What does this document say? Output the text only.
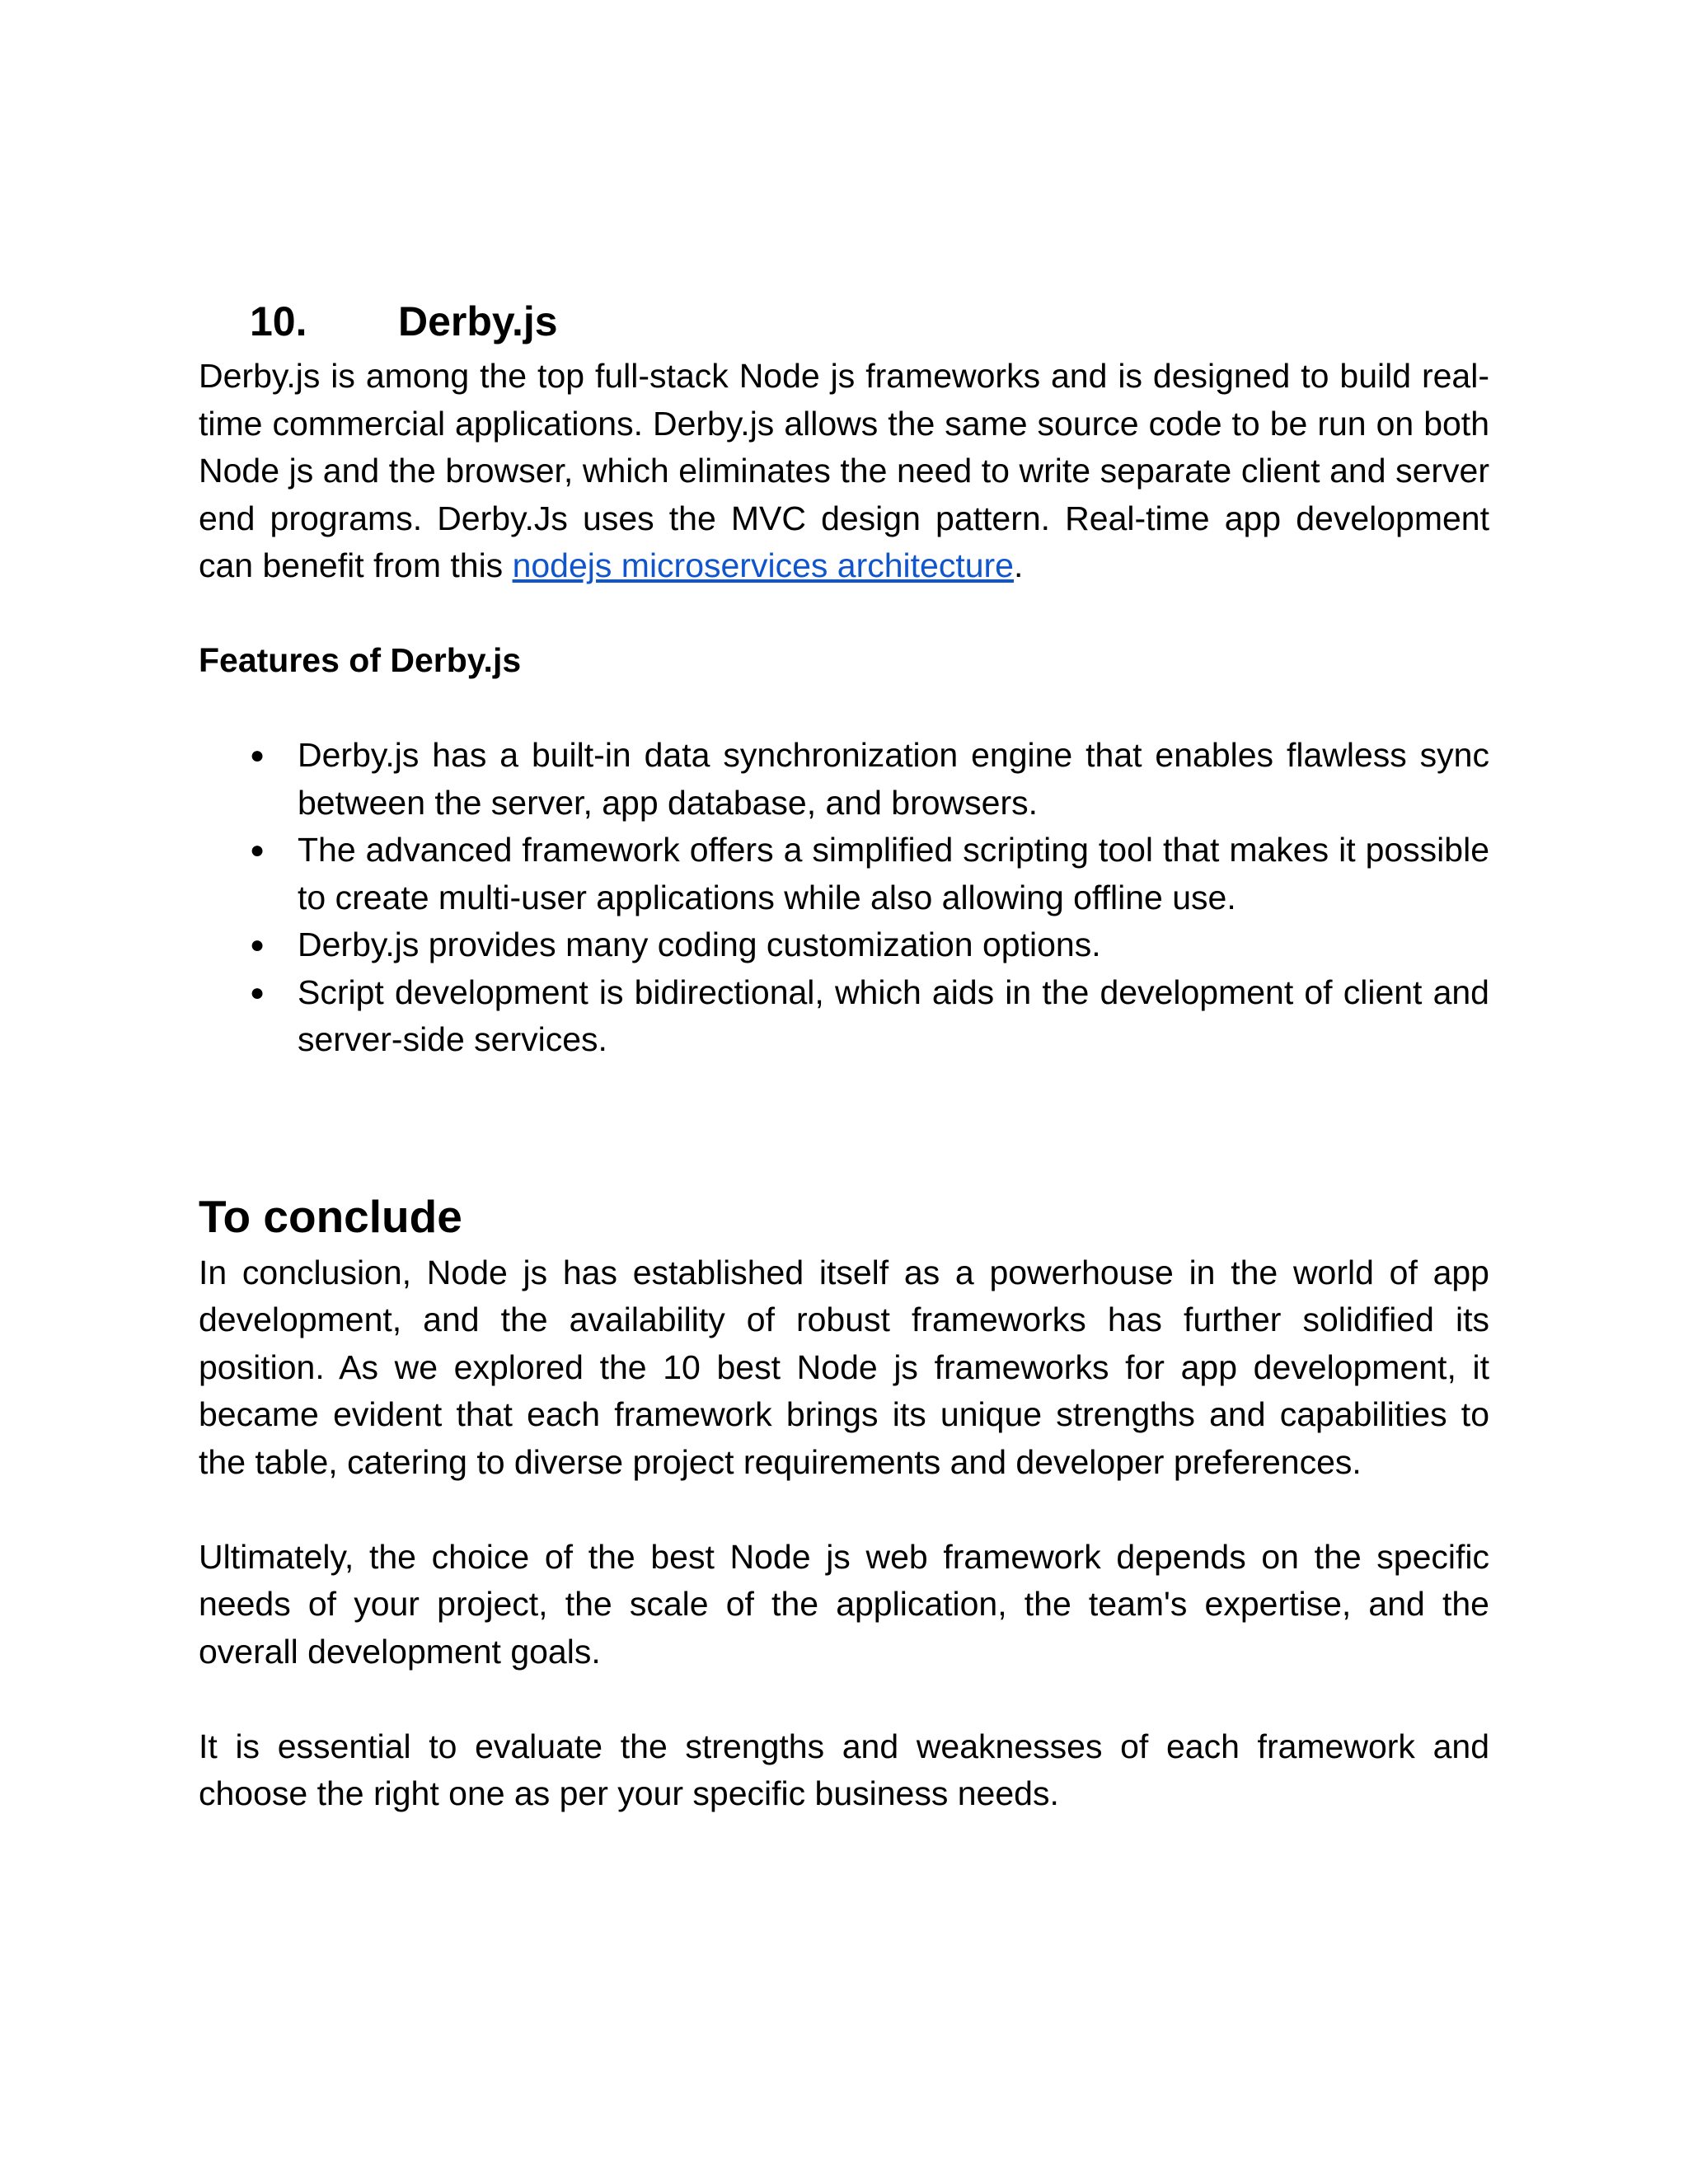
10.	Derby.js

Derby.js is among the top full-stack Node js frameworks and is designed to build real-time commercial applications. Derby.js allows the same source code to be run on both Node js and the browser, which eliminates the need to write separate client and server end programs. Derby.Js uses the MVC design pattern. Real-time app development can benefit from this nodejs microservices architecture.

Features of Derby.js
● Derby.js has a built-in data synchronization engine that enables flawless sync between the server, app database, and browsers.
● The advanced framework offers a simplified scripting tool that makes it possible to create multi-user applications while also allowing offline use.
● Derby.js provides many coding customization options.
● Script development is bidirectional, which aids in the development of client and server-side services.
To conclude

In conclusion, Node js has established itself as a powerhouse in the world of app development, and the availability of robust frameworks has further solidified its position. As we explored the 10 best Node js frameworks for app development, it became evident that each framework brings its unique strengths and capabilities to the table, catering to diverse project requirements and developer preferences.

Ultimately, the choice of the best Node js web framework depends on the specific needs of your project, the scale of the application, the team's expertise, and the overall development goals.

It is essential to evaluate the strengths and weaknesses of each framework and choose the right one as per your specific business needs.
